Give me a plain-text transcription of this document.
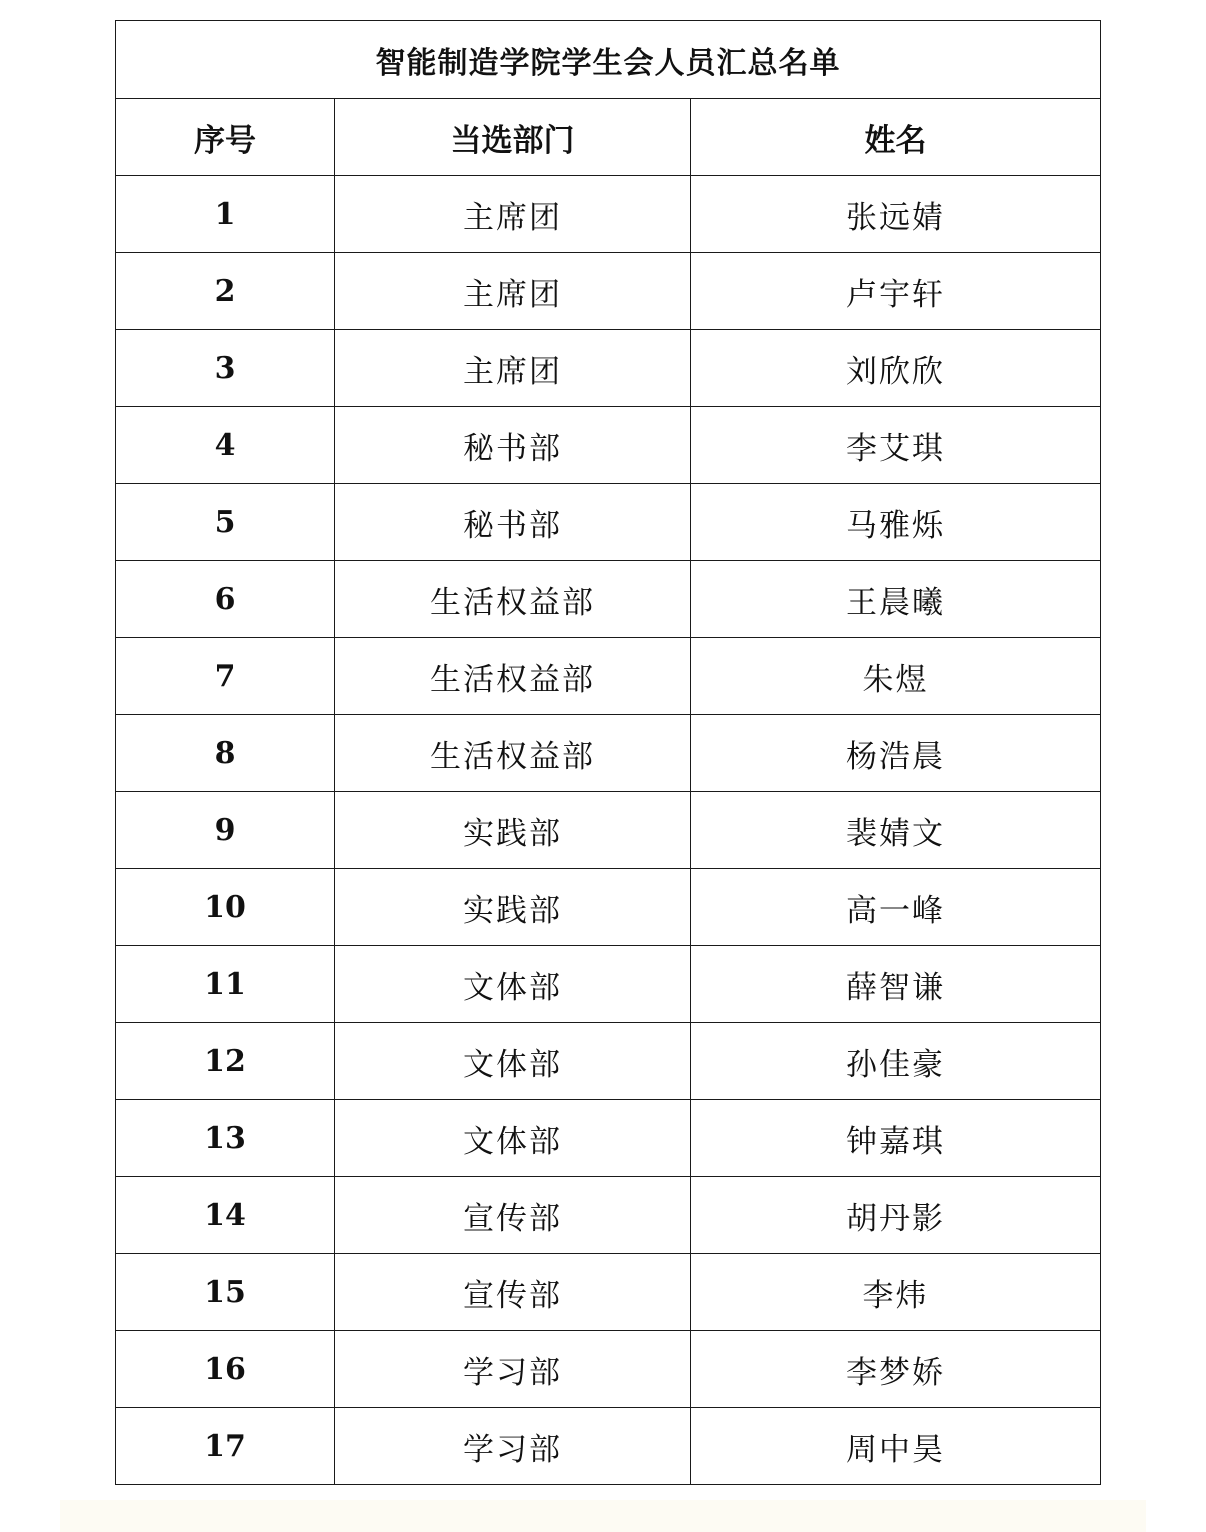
智能制造学院学生会人员汇总名单		
序号	当选部门	姓名
1	主席团	张远婧
2	主席团	卢宇轩
3	主席团	刘欣欣
4	秘书部	李艾琪
5	秘书部	马雅烁
6	生活权益部	王晨曦
7	生活权益部	朱煜
8	生活权益部	杨浩晨
9	实践部	裴婧文
10	实践部	高一峰
11	文体部	薛智谦
12	文体部	孙佳豪
13	文体部	钟嘉琪
14	宣传部	胡丹影
15	宣传部	李炜
16	学习部	李梦娇
17	学习部	周中昊
